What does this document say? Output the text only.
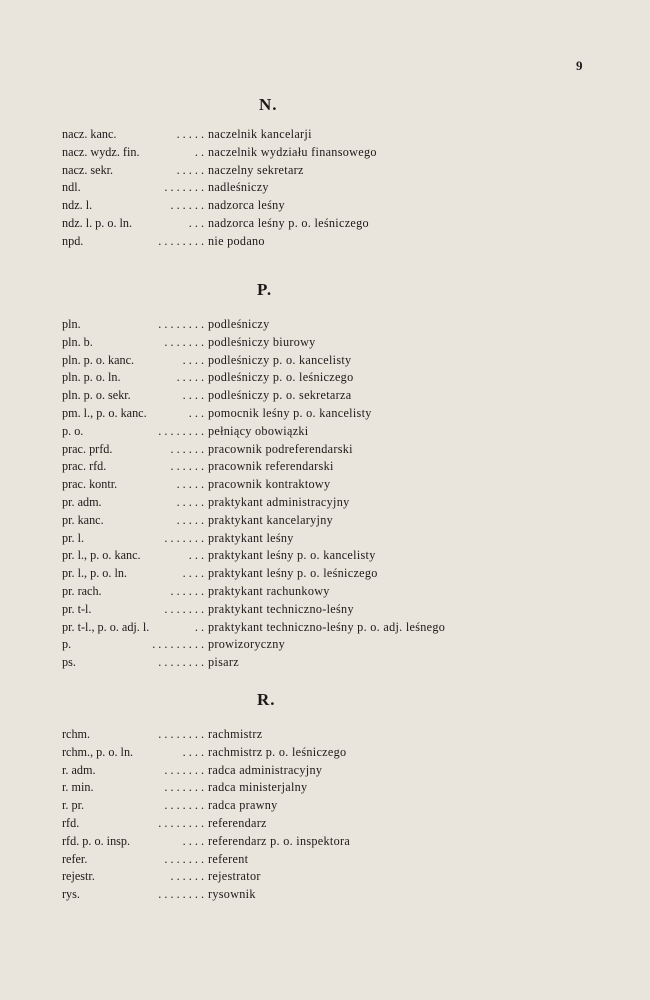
9
N.
nacz. kanc.	. . . . . naczelnik kancelarji
nacz. wydz. fin.	. . naczelnik wydziału finansowego
nacz. sekr.	. . . . . naczelny sekretarz
ndl.	. . . . . . . nadleśniczy
ndz. l.	. . . . . . nadzorca leśny
ndz. l. p. o. ln.	. . . nadzorca leśny p. o. leśniczego
npd.	. . . . . . . . nie podano
P.
pln.	. . . . . . . . podleśniczy
pln. b.	. . . . . . . podleśniczy biurowy
pln. p. o. kanc.	. . . . podleśniczy p. o. kancelisty
pln. p. o. ln.	. . . . . podleśniczy p. o. leśniczego
pln. p. o. sekr.	. . . . podleśniczy p. o. sekretarza
pm. l., p. o. kanc.	. . . pomocnik leśny p. o. kancelisty
p. o.	. . . . . . . . pełniący obowiązki
prac. prfd.	. . . . . . pracownik podreferendarski
prac. rfd.	. . . . . . pracownik referendarski
prac. kontr.	. . . . . pracownik kontraktowy
pr. adm.	. . . . . praktykant administracyjny
pr. kanc.	. . . . . praktykant kancelaryjny
pr. l.	. . . . . . . praktykant leśny
pr. l., p. o. kanc.	. . . praktykant leśny p. o. kancelisty
pr. l., p. o. ln.	. . . . praktykant leśny p. o. leśniczego
pr. rach.	. . . . . . praktykant rachunkowy
pr. t-l.	. . . . . . . praktykant techniczno-leśny
pr. t-l., p. o. adj. l.	. . praktykant techniczno-leśny p. o. adj. leśnego
p.	. . . . . . . . . prowizoryczny
ps.	. . . . . . . . pisarz
R.
rchm.	. . . . . . . . rachmistrz
rchm., p. o. ln.	. . . . rachmistrz p. o. leśniczego
r. adm.	. . . . . . . radca administracyjny
r. min.	. . . . . . . radca ministerjalny
r. pr.	. . . . . . . radca prawny
rfd.	. . . . . . . . referendarz
rfd. p. o. insp.	. . . . referendarz p. o. inspektora
refer.	. . . . . . . referent
rejestr.	. . . . . . rejestrator
rys.	. . . . . . . . rysownik
